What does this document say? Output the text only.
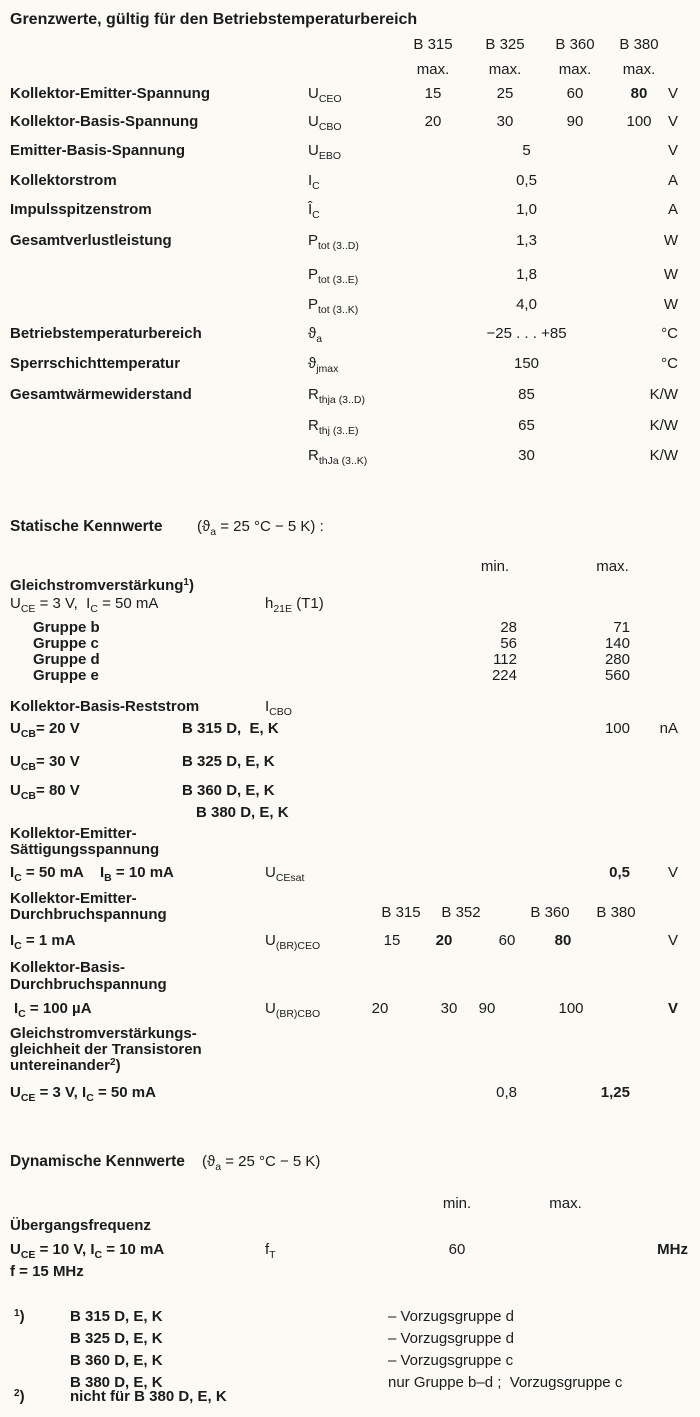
Grenzwerte, gültig für den Betriebstemperaturbereich
B 315	B 325	B 360	B 380
max.	max.	max.	max.
Kollektor-Emitter-Spannung	$U_{CEO}$	15	25	60	80	V
Kollektor-Basis-Spannung	$U_{CBO}$	20	30	90	100	V
Emitter-Basis-Spannung	$U_{EBO}$	5	V
Kollektorstrom	$I_C$	0,5	A
Impulsspitzenstrom	$Î_C$	1,0	A
Gesamtverlustleistung	$P_{tot (3..D)}$	1,3	W
$P_{tot (3..E)}$	1,8	W
$P_{tot (3..K)}$	4,0	W
Betriebstemperaturbereich	$ϑ_a$	−25 . . . +85	°C
Sperrschichttemperatur	$ϑ_{jmax}$	150	°C
Gesamtwärmewiderstand	$R_{thja (3..D)}$	85	K/W
$R_{thj (3..E)}$	65	K/W
$R_{thJa (3..K)}$	30	K/W
Statische Kennwerte ($ϑ_a = 25$ °C − 5 K) :
min.	max.
Gleichstromverstärkung$^1$)
$U_{CE} = 3$ V,  $I_C = 50$ mA	$h_{21E}$ (T1)
Gruppe b	28	71
Gruppe c	56	140
Gruppe d	112	280
Gruppe e	224	560
Kollektor-Basis-Reststrom	$I_{CBO}$
$U_{CB}= 20$ V	B 315 D,  E, K	100	nA
$U_{CB}= 30$ V	B 325 D, E, K
$U_{CB}= 80$ V	B 360 D, E, K
B 380 D, E, K
Kollektor-Emitter-
Sättigungsspannung
$I_C = 50$ mA    $I_B = 10$ mA	$U_{CEsat}$	0,5	V
Kollektor-Emitter-
B 315	B 352	B 360	B 380
Durchbruchspannung
$I_C = 1$ mA	$U_{(BR)CEO}$	15	20	60	80	V
Kollektor-Basis-
Durchbruchspannung
$I_C = 100$ µA	$U_{(BR)CBO}$	20	30	90	100	V
Gleichstromverstärkungs-
gleichheit der Transistoren
untereinander$^2$)
$U_{CE} = 3$ V, $I_C = 50$ mA	0,8	1,25
Dynamische Kennwerte ($ϑ_a = 25$ °C − 5 K)
min.	max.
Übergangsfrequenz
$U_{CE} = 10$ V, $I_C = 10$ mA	$f_T$	60	MHz
f = 15 MHz
$^1$)	B 315 D, E, K	– Vorzugsgruppe d
B 325 D, E, K	– Vorzugsgruppe d
B 360 D, E, K	– Vorzugsgruppe c
B 380 D, E, K	nur Gruppe b–d ;  Vorzugsgruppe c
$^2$)	nicht für B 380 D, E, K
